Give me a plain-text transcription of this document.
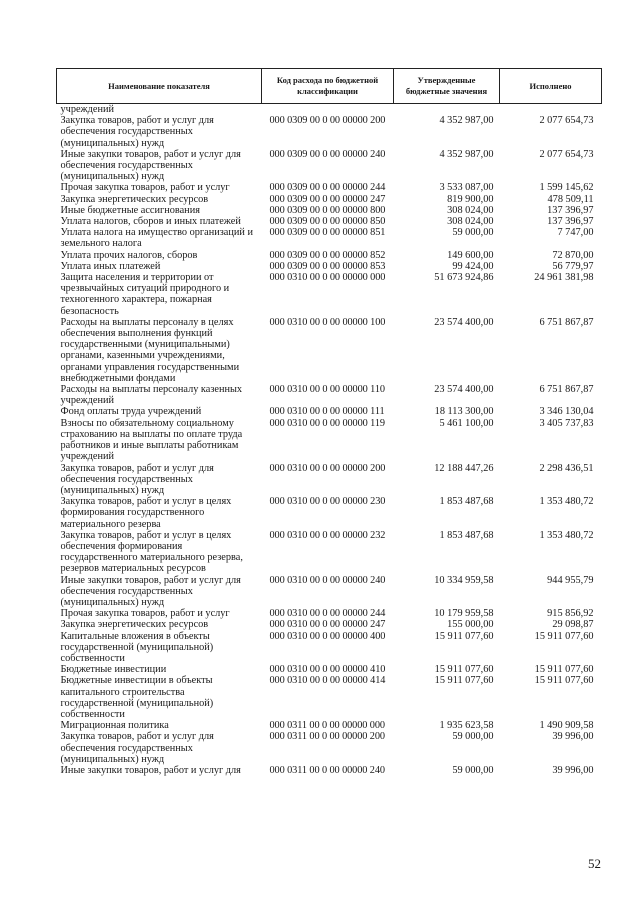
Наименование показателя	Код расхода по бюджетной классификации	Утвержденные бюджетные значения	Исполнено
учреждений			
Закупка товаров, работ и услуг для обеспечения государственных (муниципальных) нужд	000 0309 00 0 00 00000 200	4 352 987,00	2 077 654,73
Иные закупки товаров, работ и услуг для обеспечения государственных (муниципальных) нужд	000 0309 00 0 00 00000 240	4 352 987,00	2 077 654,73
Прочая закупка товаров, работ и услуг	000 0309 00 0 00 00000 244	3 533 087,00	1 599 145,62
Закупка энергетических ресурсов	000 0309 00 0 00 00000 247	819 900,00	478 509,11
Иные бюджетные ассигнования	000 0309 00 0 00 00000 800	308 024,00	137 396,97
Уплата налогов, сборов и иных платежей	000 0309 00 0 00 00000 850	308 024,00	137 396,97
Уплата налога на имущество организаций и земельного налога	000 0309 00 0 00 00000 851	59 000,00	7 747,00
Уплата прочих налогов, сборов	000 0309 00 0 00 00000 852	149 600,00	72 870,00
Уплата иных платежей	000 0309 00 0 00 00000 853	99 424,00	56 779,97
Защита населения и территории от чрезвычайных ситуаций природного и техногенного характера, пожарная безопасность	000 0310 00 0 00 00000 000	51 673 924,86	24 961 381,98
Расходы на выплаты персоналу в целях обеспечения выполнения функций государственными (муниципальными) органами, казенными учреждениями, органами управления государственными внебюджетными фондами	000 0310 00 0 00 00000 100	23 574 400,00	6 751 867,87
Расходы на выплаты персоналу казенных учреждений	000 0310 00 0 00 00000 110	23 574 400,00	6 751 867,87
Фонд оплаты труда учреждений	000 0310 00 0 00 00000 111	18 113 300,00	3 346 130,04
Взносы по обязательному социальному страхованию на выплаты по оплате труда работников и иные выплаты работникам учреждений	000 0310 00 0 00 00000 119	5 461 100,00	3 405 737,83
Закупка товаров, работ и услуг для обеспечения государственных (муниципальных) нужд	000 0310 00 0 00 00000 200	12 188 447,26	2 298 436,51
Закупка товаров, работ и услуг в целях формирования государственного материального резерва	000 0310 00 0 00 00000 230	1 853 487,68	1 353 480,72
Закупка товаров, работ и услуг в целях обеспечения формирования государственного материального резерва, резервов материальных ресурсов	000 0310 00 0 00 00000 232	1 853 487,68	1 353 480,72
Иные закупки товаров, работ и услуг для обеспечения государственных (муниципальных) нужд	000 0310 00 0 00 00000 240	10 334 959,58	944 955,79
Прочая закупка товаров, работ и услуг	000 0310 00 0 00 00000 244	10 179 959,58	915 856,92
Закупка энергетических ресурсов	000 0310 00 0 00 00000 247	155 000,00	29 098,87
Капитальные вложения в объекты государственной (муниципальной) собственности	000 0310 00 0 00 00000 400	15 911 077,60	15 911 077,60
Бюджетные инвестиции	000 0310 00 0 00 00000 410	15 911 077,60	15 911 077,60
Бюджетные инвестиции в объекты капитального строительства государственной (муниципальной) собственности	000 0310 00 0 00 00000 414	15 911 077,60	15 911 077,60
Миграционная политика	000 0311 00 0 00 00000 000	1 935 623,58	1 490 909,58
Закупка товаров, работ и услуг для обеспечения государственных (муниципальных) нужд	000 0311 00 0 00 00000 200	59 000,00	39 996,00
Иные закупки товаров, работ и услуг для	000 0311 00 0 00 00000 240	59 000,00	39 996,00
52
